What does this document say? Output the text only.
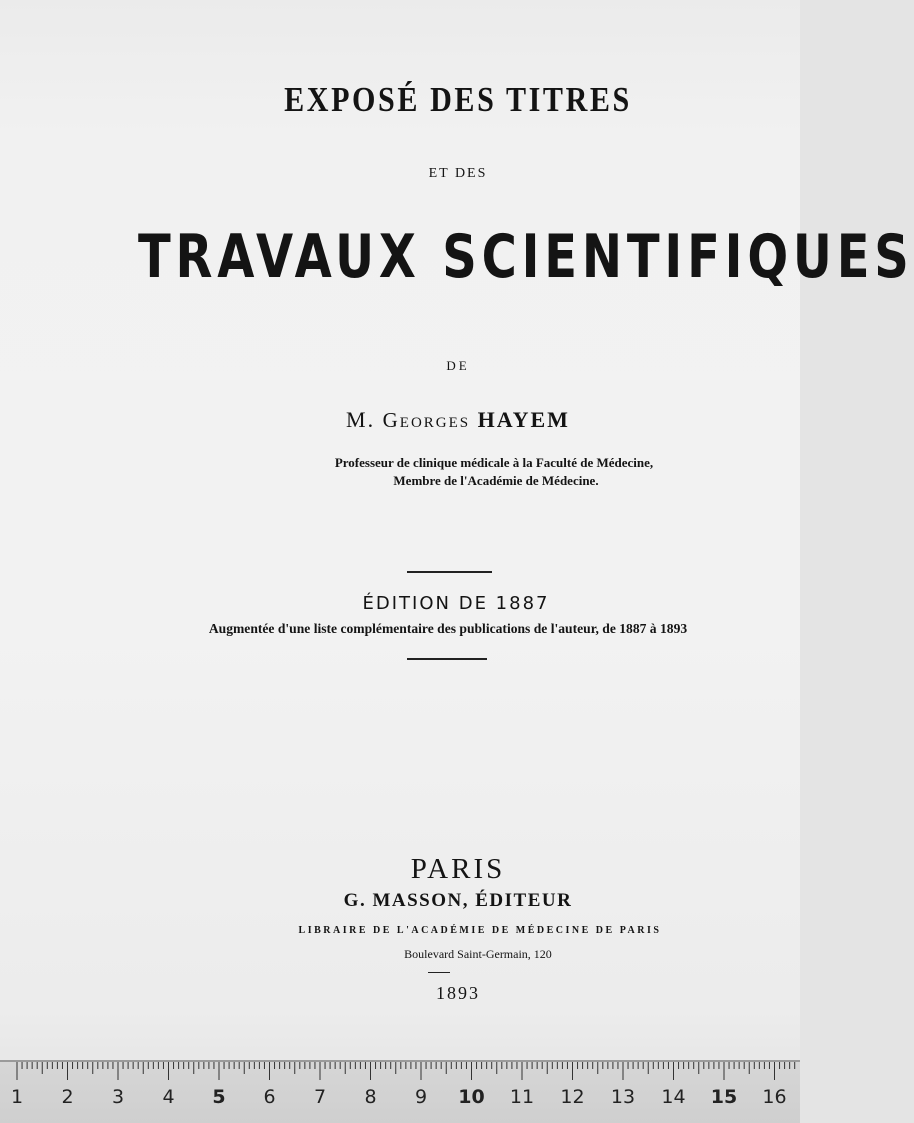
EXPOSÉ DES TITRES

ET DES

TRAVAUX SCIENTIFIQUES

DE

M. Georges HAYEM

Professeur de clinique médicale à la Faculté de Médecine,

Membre de l'Académie de Médecine.

ÉDITION DE 1887

Augmentée d'une liste complémentaire des publications de l'auteur, de 1887 à 1893

PARIS

G. MASSON, ÉDITEUR

LIBRAIRE DE L'ACADÉMIE DE MÉDECINE DE PARIS

Boulevard Saint-Germain, 120

1893

1 2 3 4 5 6 7 8 9 10 11 12 13 14 15 16
